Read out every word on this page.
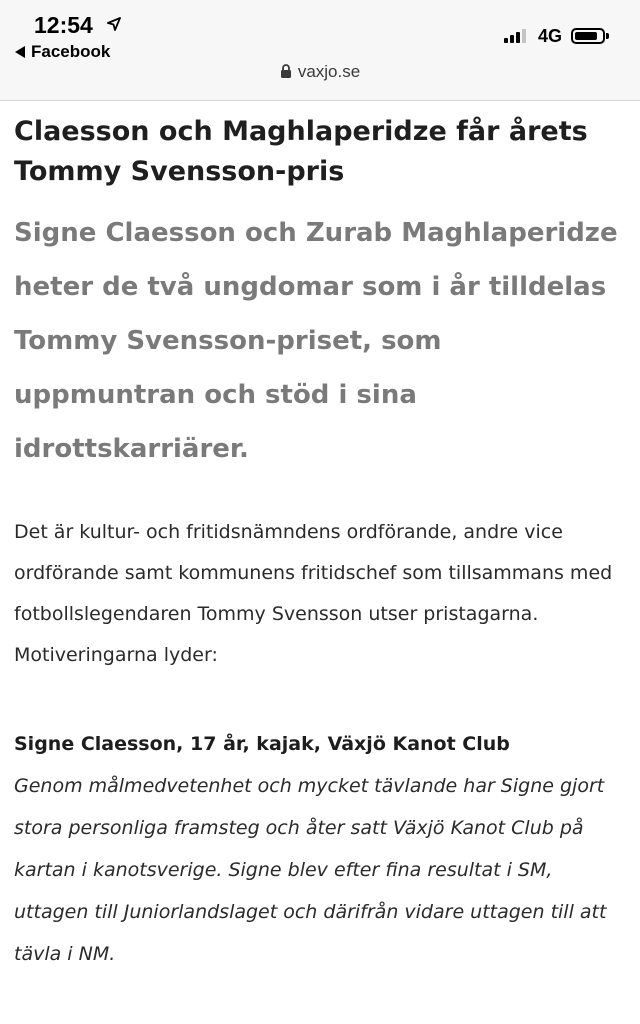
12:54
Facebook
4G
vaxjo.se
Claesson och Maghlaperidze får årets Tommy Svensson-pris

Signe Claesson och Zurab Maghlaperidze heter de två ungdomar som i år tilldelas Tommy Svensson-priset, som uppmuntran och stöd i sina idrottskarriärer.

Det är kultur- och fritidsnämndens ordförande, andre vice ordförande samt kommunens fritidschef som tillsammans med fotbollslegendaren Tommy Svensson utser pristagarna. Motiveringarna lyder:

Signe Claesson, 17 år, kajak, Växjö Kanot Club

Genom målmedvetenhet och mycket tävlande har Signe gjort stora personliga framsteg och åter satt Växjö Kanot Club på kartan i kanotsverige. Signe blev efter fina resultat i SM, uttagen till Juniorlandslaget och därifrån vidare uttagen till att tävla i NM.
